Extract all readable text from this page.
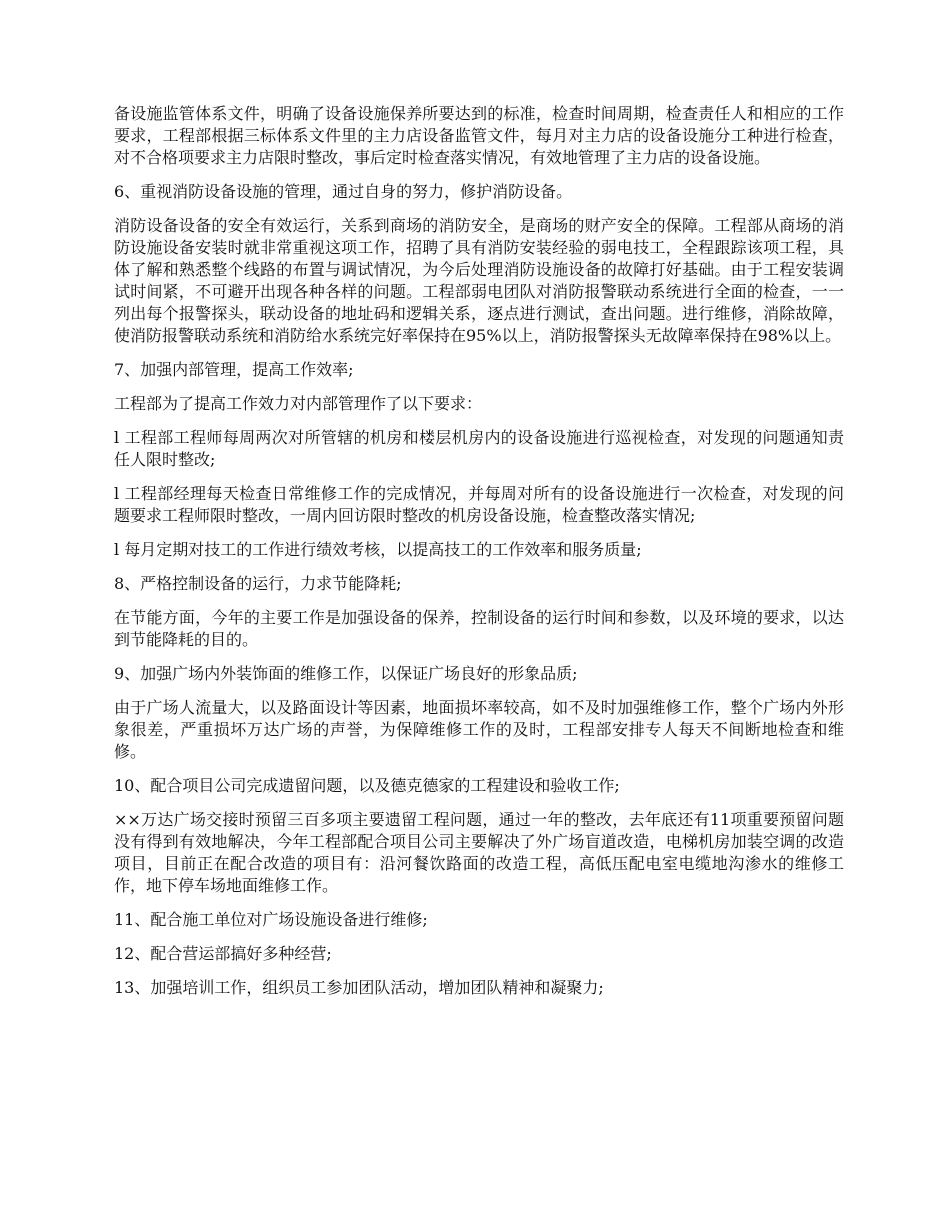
备设施监管体系文件，明确了设备设施保养所要达到的标准，检查时间周期，检查责任人和相应的工作要求，工程部根据三标体系文件里的主力店设备监管文件，每月对主力店的设备设施分工种进行检查，对不合格项要求主力店限时整改，事后定时检查落实情况，有效地管理了主力店的设备设施。

6、重视消防设备设施的管理，通过自身的努力，修护消防设备。

消防设备设备的安全有效运行，关系到商场的消防安全，是商场的财产安全的保障。工程部从商场的消防设施设备安装时就非常重视这项工作，招聘了具有消防安装经验的弱电技工，全程跟踪该项工程，具体了解和熟悉整个线路的布置与调试情况，为今后处理消防设施设备的故障打好基础。由于工程安装调试时间紧，不可避开出现各种各样的问题。工程部弱电团队对消防报警联动系统进行全面的检查，一一列出每个报警探头，联动设备的地址码和逻辑关系，逐点进行测试，查出问题。进行维修，消除故障，使消防报警联动系统和消防给水系统完好率保持在95%以上，消防报警探头无故障率保持在98%以上。

7、加强内部管理，提高工作效率;

工程部为了提高工作效力对内部管理作了以下要求：

l 工程部工程师每周两次对所管辖的机房和楼层机房内的设备设施进行巡视检查，对发现的问题通知责任人限时整改;

l 工程部经理每天检查日常维修工作的完成情况，并每周对所有的设备设施进行一次检查，对发现的问题要求工程师限时整改，一周内回访限时整改的机房设备设施，检查整改落实情况;

l 每月定期对技工的工作进行绩效考核，以提高技工的工作效率和服务质量;

8、严格控制设备的运行，力求节能降耗;

在节能方面，今年的主要工作是加强设备的保养，控制设备的运行时间和参数，以及环境的要求，以达到节能降耗的目的。

9、加强广场内外装饰面的维修工作，以保证广场良好的形象品质;

由于广场人流量大，以及路面设计等因素，地面损坏率较高，如不及时加强维修工作，整个广场内外形象很差，严重损坏万达广场的声誉，为保障维修工作的及时，工程部安排专人每天不间断地检查和维修。

10、配合项目公司完成遗留问题，以及德克德家的工程建设和验收工作;

××万达广场交接时预留三百多项主要遗留工程问题，通过一年的整改，去年底还有11项重要预留问题没有得到有效地解决，今年工程部配合项目公司主要解决了外广场盲道改造，电梯机房加装空调的改造项目，目前正在配合改造的项目有：沿河餐饮路面的改造工程，高低压配电室电缆地沟渗水的维修工作，地下停车场地面维修工作。

11、配合施工单位对广场设施设备进行维修;

12、配合营运部搞好多种经营;

13、加强培训工作，组织员工参加团队活动，增加团队精神和凝聚力;
